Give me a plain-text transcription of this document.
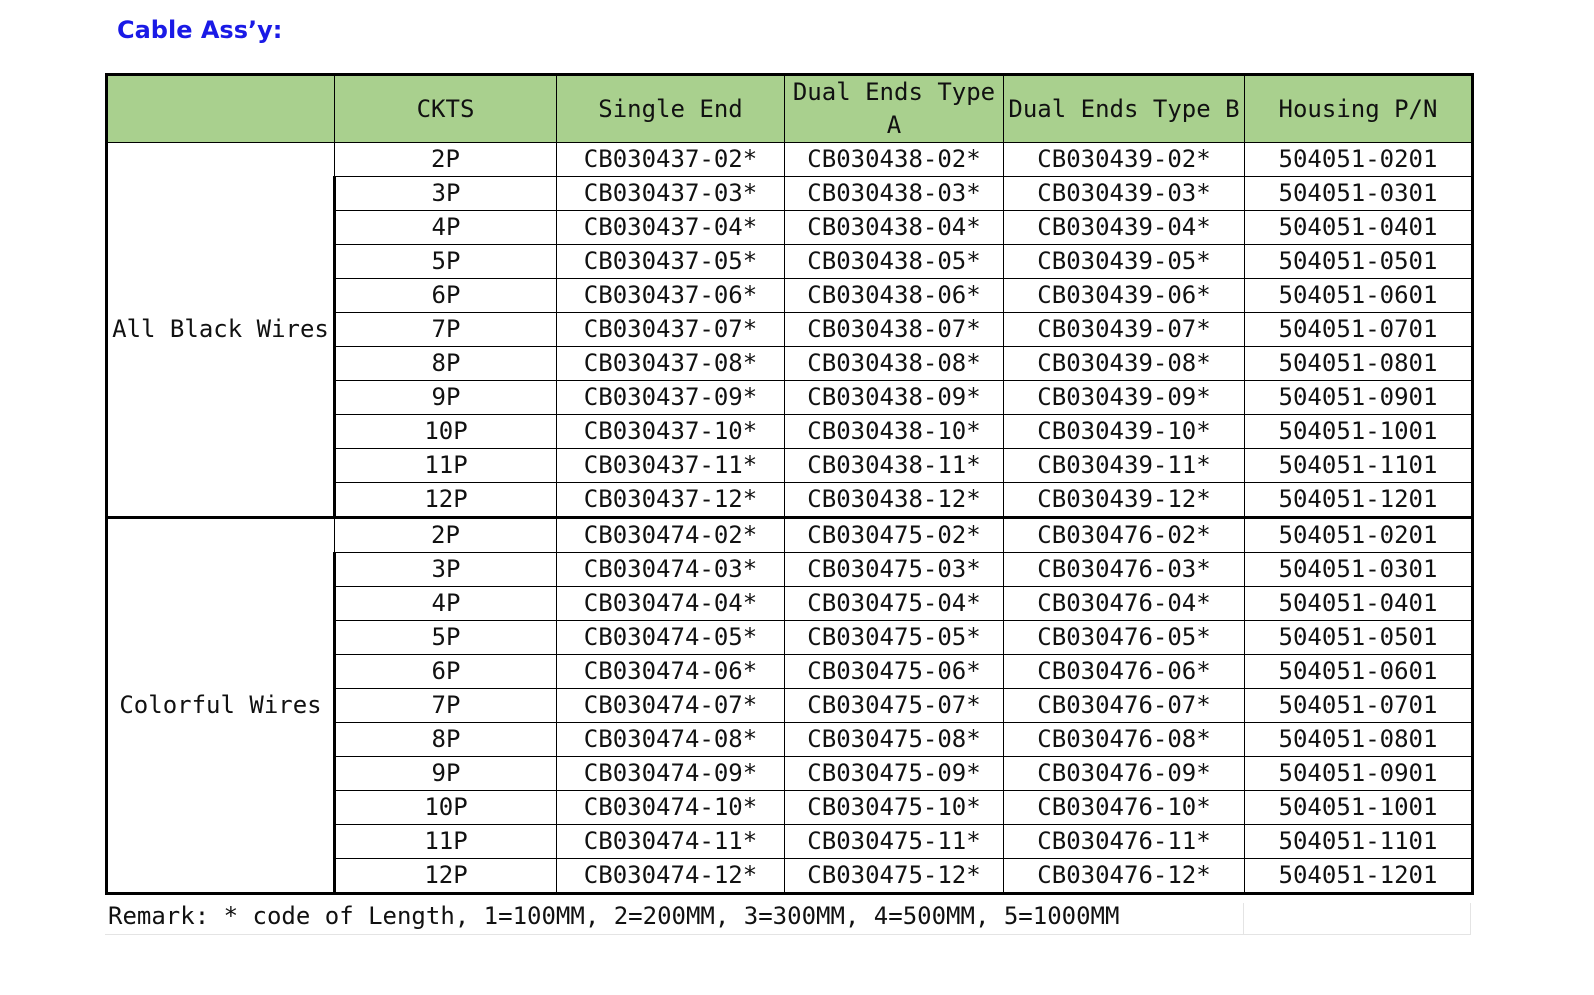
Cable Ass’y:
	CKTS	Single End	Dual Ends Type A	Dual Ends Type B	Housing P/N
All Black Wires	2P	CB030437-02*	CB030438-02*	CB030439-02*	504051-0201
	3P	CB030437-03*	CB030438-03*	CB030439-03*	504051-0301
	4P	CB030437-04*	CB030438-04*	CB030439-04*	504051-0401
	5P	CB030437-05*	CB030438-05*	CB030439-05*	504051-0501
	6P	CB030437-06*	CB030438-06*	CB030439-06*	504051-0601
	7P	CB030437-07*	CB030438-07*	CB030439-07*	504051-0701
	8P	CB030437-08*	CB030438-08*	CB030439-08*	504051-0801
	9P	CB030437-09*	CB030438-09*	CB030439-09*	504051-0901
	10P	CB030437-10*	CB030438-10*	CB030439-10*	504051-1001
	11P	CB030437-11*	CB030438-11*	CB030439-11*	504051-1101
	12P	CB030437-12*	CB030438-12*	CB030439-12*	504051-1201
Colorful Wires	2P	CB030474-02*	CB030475-02*	CB030476-02*	504051-0201
	3P	CB030474-03*	CB030475-03*	CB030476-03*	504051-0301
	4P	CB030474-04*	CB030475-04*	CB030476-04*	504051-0401
	5P	CB030474-05*	CB030475-05*	CB030476-05*	504051-0501
	6P	CB030474-06*	CB030475-06*	CB030476-06*	504051-0601
	7P	CB030474-07*	CB030475-07*	CB030476-07*	504051-0701
	8P	CB030474-08*	CB030475-08*	CB030476-08*	504051-0801
	9P	CB030474-09*	CB030475-09*	CB030476-09*	504051-0901
	10P	CB030474-10*	CB030475-10*	CB030476-10*	504051-1001
	11P	CB030474-11*	CB030475-11*	CB030476-11*	504051-1101
	12P	CB030474-12*	CB030475-12*	CB030476-12*	504051-1201
Remark: * code of Length, 1=100MM, 2=200MM, 3=300MM, 4=500MM, 5=1000MM
